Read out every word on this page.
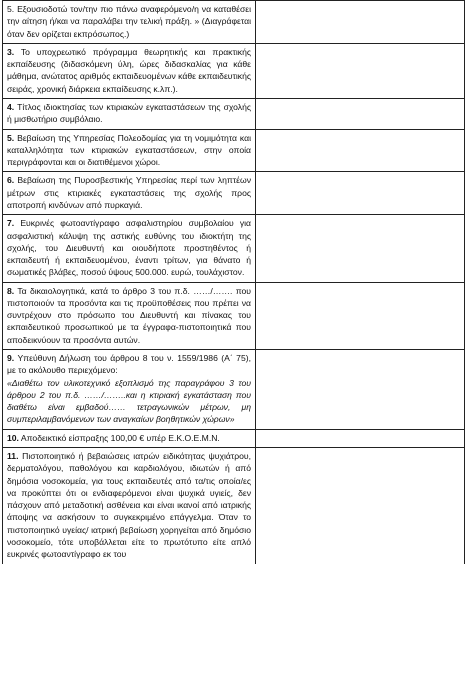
5. Εξουσιοδοτώ τον/την πιο πάνω αναφερόμενο/η να καταθέσει την αίτηση ή/και να παραλάβει την τελική πράξη. » (Διαγράφεται όταν δεν ορίζεται εκπρόσωπος.)	
3. Το υποχρεωτικό πρόγραμμα θεωρητικής και πρακτικής εκπαίδευσης (διδασκόμενη ύλη, ώρες διδασκαλίας για κάθε μάθημα, ανώτατος αριθμός εκπαιδευομένων κάθε εκπαιδευτικής σειράς, χρονική διάρκεια εκπαίδευσης κ.λπ.).	
4. Τίτλος ιδιοκτησίας των κτιριακών εγκαταστάσεων της σχολής ή μισθωτήριο συμβόλαιο.	
5. Βεβαίωση της Υπηρεσίας Πολεοδομίας για τη νομιμότητα και καταλληλότητα των κτιριακών εγκαταστάσεων, στην οποία περιγράφονται και οι διατιθέμενοι χώροι.	
6. Βεβαίωση της Πυροσβεστικής Υπηρεσίας περί των ληπτέων μέτρων στις κτιριακές εγκαταστάσεις της σχολής προς αποτροπή κινδύνων από πυρκαγιά.	
7. Ευκρινές φωτοαντίγραφο ασφαλιστηρίου συμβολαίου για ασφαλιστική κάλυψη της αστικής ευθύνης του ιδιοκτήτη της σχολής, του Διευθυντή και οιουδήποτε προστηθέντος ή εκπαιδευτή ή εκπαιδευομένου, έναντι τρίτων, για θάνατο ή σωματικές βλάβες, ποσού ύψους 500.000. ευρώ, τουλάχιστον.	
8. Τα δικαιολογητικά, κατά το άρθρο 3 του π.δ. ……/……. που πιστοποιούν τα προσόντα και τις προϋποθέσεις που πρέπει να συντρέχουν στο πρόσωπο του Διευθυντή και πίνακας του εκπαιδευτικού προσωπικού με τα έγγραφα-πιστοποιητικά που αποδεικνύουν τα προσόντα αυτών.	
9. Υπεύθυνη Δήλωση του άρθρου 8 του ν. 1559/1986 (Α΄ 75), με το ακόλουθο περιεχόμενο:
«Διαθέτω τον υλικοτεχνικό εξοπλισμό της παραγράφου 3 του άρθρου 2 του π.δ. ……/……..και η κτιριακή εγκατάσταση που διαθέτω είναι εμβαδού…… τετραγωνικών μέτρων, μη συμπεριλαμβανόμενων των αναγκαίων βοηθητικών χώρων»	
10. Αποδεικτικό είσπραξης 100,00 € υπέρ Ε.Κ.Ο.Ε.Μ.Ν.	
11. Πιστοποιητικό ή βεβαιώσεις ιατρών ειδικότητας ψυχιάτρου, δερματολόγου, παθολόγου και καρδιολόγου, ιδιωτών ή από δημόσια νοσοκομεία, για τους εκπαιδευτές από τα/τις οποία/ες να προκύπτει ότι οι ενδιαφερόμενοι είναι ψυχικά υγιείς, δεν πάσχουν από μεταδοτική ασθένεια και είναι ικανοί από ιατρικής άποψης να ασκήσουν το συγκεκριμένο επάγγελμα. Όταν το πιστοποιητικό υγείας/ ιατρική βεβαίωση χορηγείται από δημόσιο νοσοκομείο, τότε υποβάλλεται είτε το πρωτότυπο είτε απλό ευκρινές φωτοαντίγραφο εκ του	
